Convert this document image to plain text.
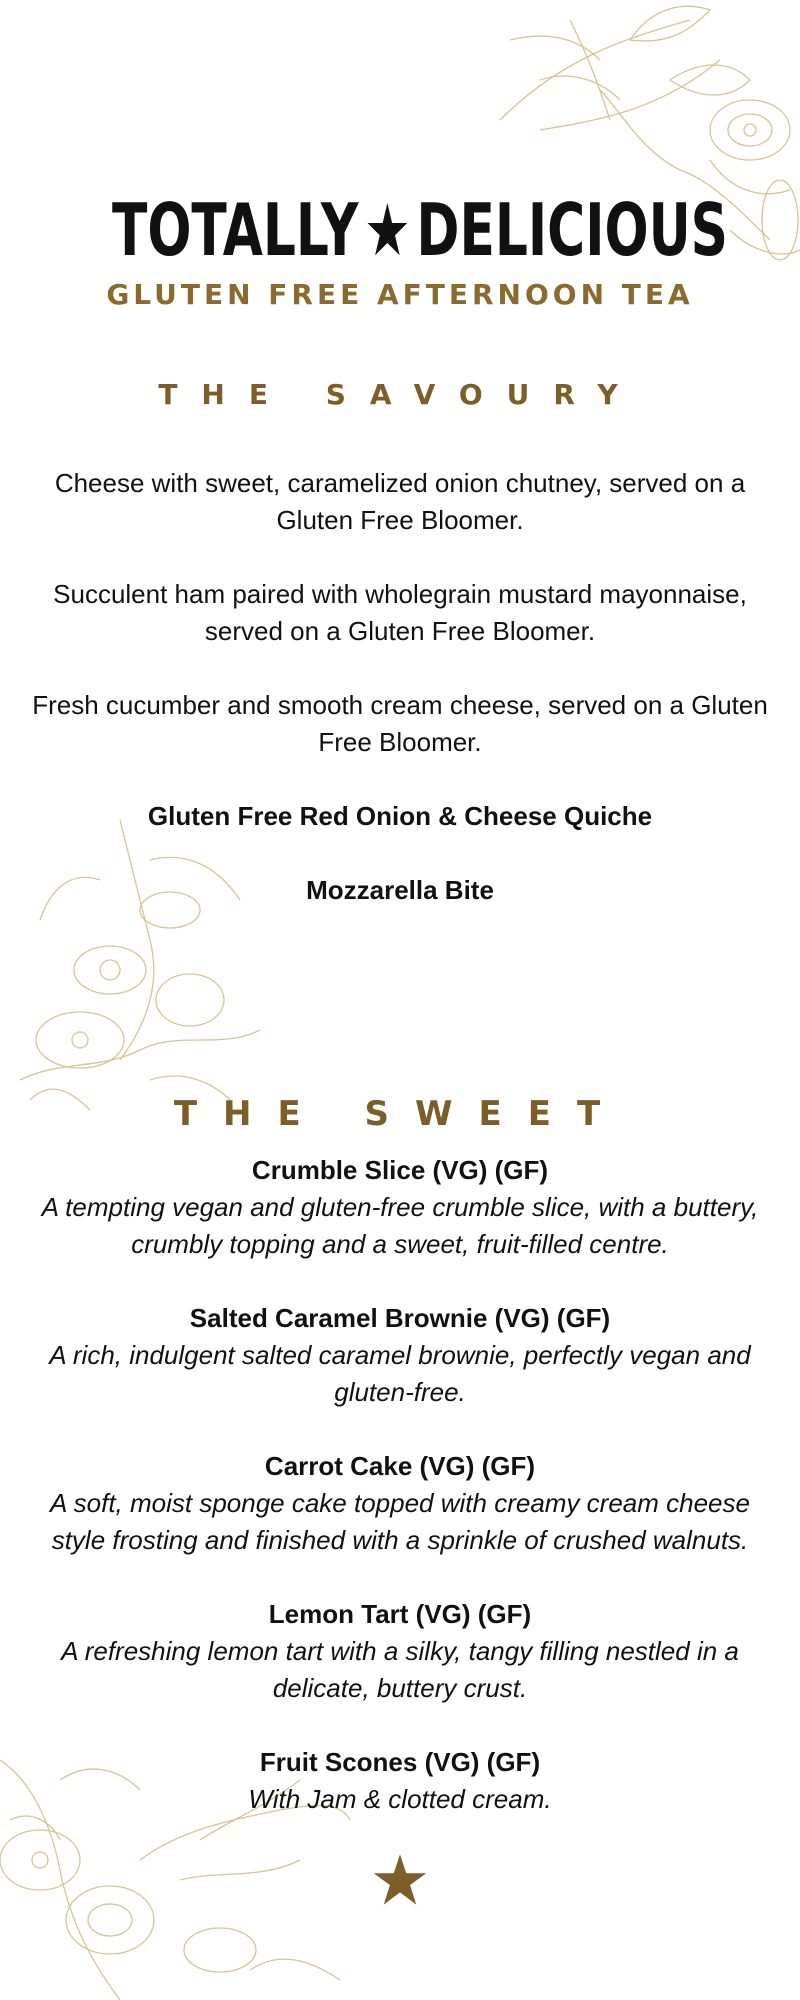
TOTALLY★DELICIOUS
GLUTEN FREE AFTERNOON TEA
THE SAVOURY
Cheese with sweet, caramelized onion chutney, served on a Gluten Free Bloomer.
Succulent ham paired with wholegrain mustard mayonnaise, served on a Gluten Free Bloomer.
Fresh cucumber and smooth cream cheese, served on a Gluten Free Bloomer.
Gluten Free Red Onion & Cheese Quiche
Mozzarella Bite
THE SWEET
Crumble Slice (VG) (GF)
A tempting vegan and gluten-free crumble slice, with a buttery, crumbly topping and a sweet, fruit-filled centre.
Salted Caramel Brownie (VG) (GF)
A rich, indulgent salted caramel brownie, perfectly vegan and gluten-free.
Carrot Cake (VG) (GF)
A soft, moist sponge cake topped with creamy cream cheese style frosting and finished with a sprinkle of crushed walnuts.
Lemon Tart (VG) (GF)
A refreshing lemon tart with a silky, tangy filling nestled in a delicate, buttery crust.
Fruit Scones (VG) (GF)
With Jam & clotted cream.
